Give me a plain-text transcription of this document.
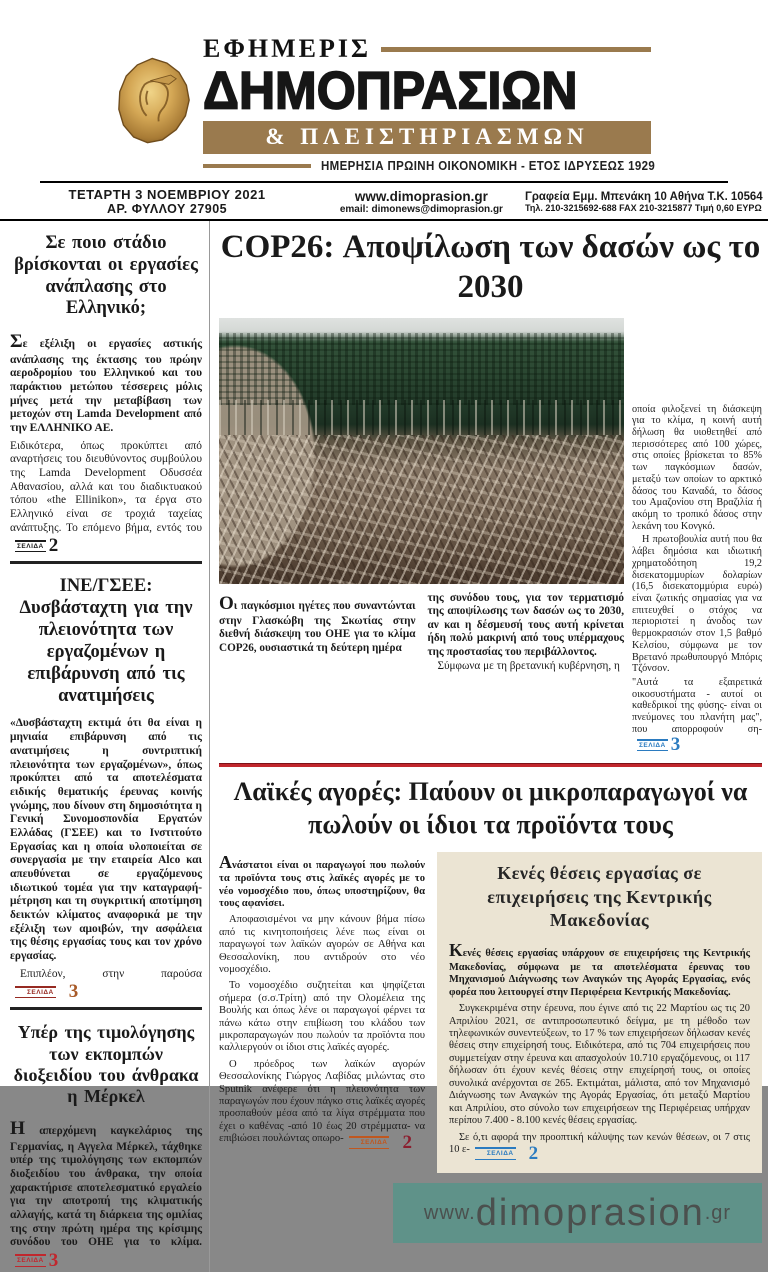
ΕΦΗΜΕΡΙΣ
ΔΗΜΟΠΡΑΣΙΩΝ
& ΠΛΕΙΣΤΗΡΙΑΣΜΩΝ
ΗΜΕΡΗΣΙΑ ΠΡΩΙΝΗ ΟΙΚΟΝΟΜΙΚΗ - ΕΤΟΣ ΙΔΡΥΣΕΩΣ 1929
ΤΕΤΑΡΤΗ 3 ΝΟΕΜΒΡΙΟΥ 2021
ΑΡ. ΦΥΛΛΟΥ 27905
www.dimoprasion.gr
email: dimonews@dimoprasion.gr
Γραφεία Εμμ. Μπενάκη 10 Αθήνα Τ.Κ. 10564
Τηλ. 210-3215692-688 FAX 210-3215877 Τιμή 0,60 ΕΥΡΩ
Σε ποιο στάδιο βρίσκονται οι εργασίες ανάπλασης στο Ελληνικό;

Σε εξέλιξη οι εργασίες αστικής ανάπλασης της έκτασης του πρώην αεροδρομίου του Ελληνικού και του παράκτιου μετώπου τέσσερεις μόλις μήνες μετά την μεταβίβαση των μετοχών στη Lamda Development από την ΕΛΛΗΝΙΚΟ ΑΕ.

Ειδικότερα, όπως προκύπτει από αναρτήσεις του διευθύνοντος συμβούλου της Lamda Development Οδυσσέα Αθανασίου, αλλά και του διαδικτυακού τόπου «the Ellinikon», τα έργα στο Ελληνικό είναι σε τροχιά ταχείας ανάπτυξης. Το επόμενο βήμα, εντός του
ΣΕΛΙΔΑ 2

ΙΝΕ/ΓΣΕΕ: Δυσβάσταχτη για την πλειονότητα των εργαζομένων η επιβάρυνση από τις ανατιμήσεις

«Δυσβάσταχτη εκτιμά ότι θα είναι η μηνιαία επιβάρυνση από τις ανατιμήσεις η συντριπτική πλειονότητα των εργαζομένων», όπως προκύπτει από τα αποτελέσματα ειδικής θεματικής έρευνας κοινής γνώμης, που δίνουν στη δημοσιότητα η Γενική Συνομοσπονδία Εργατών Ελλάδας (ΓΣΕΕ) και το Ινστιτούτο Εργασίας και η οποία υλοποιείται σε συνεργασία με την εταιρεία Alco και απευθύνεται σε εργαζόμενους ιδιωτικού τομέα για την καταγραφή-μέτρηση και τη συγκριτική αποτίμηση δεικτών κλίματος αναφορικά με την εξέλιξη των αμοιβών, την ασφάλεια της θέσης εργασίας τους και τον χρόνο εργασίας.

Επιπλέον, στην παρούσα
ΣΕΛΙΔΑ 3

Υπέρ της τιμολόγησης των εκπομπών διοξειδίου του άνθρακα η Μέρκελ

Η απερχόμενη καγκελάριος της Γερμανίας, η Αγγελα Μέρκελ, τάχθηκε υπέρ της τιμολόγησης των εκπομπών διοξειδίου του άνθρακα, την οποία χαρακτήρισε αποτελεσματικό εργαλείο για την αποτροπή της κλιματικής αλλαγής, κατά τη διάρκεια της ομιλίας της στην πρώτη ημέρα της κρίσιμης συνόδου του ΟΗΕ για το κλίμα.
ΣΕΛΙΔΑ 3

COP26: Αποψίλωση των δασών ως το 2030

Οι παγκόσμιοι ηγέτες που συναντώνται στην Γλασκώβη της Σκωτίας στην διεθνή διάσκεψη του ΟΗΕ για το κλίμα COP26, ουσιαστικά τη δεύτερη ημέρα

της συνόδου τους, για τον τερματισμό της αποψίλωσης των δασών ως το 2030, αν και η δέσμευσή τους αυτή κρίνεται ήδη πολύ μακρινή από τους υπέρμαχους της προστασίας του περιβάλλοντος.

Σύμφωνα με τη βρετανική κυβέρνηση, η

οποία φιλοξενεί τη διάσκεψη για το κλίμα, η κοινή αυτή δήλωση θα υιοθετηθεί από περισσότερες από 100 χώρες, στις οποίες βρίσκεται το 85% των παγκόσμιων δασών, μεταξύ των οποίων το αρκτικό δάσος του Καναδά, το δάσος του Αμαζονίου στη Βραζιλία ή ακόμη το τροπικό δάσος στην λεκάνη του Κονγκό.

Η πρωτοβουλία αυτή που θα λάβει δημόσια και ιδιωτική χρηματοδότηση 19,2 δισεκατομμυρίων δολαρίων (16,5 δισεκατομμύρια ευρώ) είναι ζωτικής σημασίας για να επιτευχθεί ο στόχος να περιοριστεί η άνοδος των θερμοκρασιών στον 1,5 βαθμό Κελσίου, σύμφωνα με τον Βρετανό πρωθυπουργό Μπόρις Τζόνσον.

"Αυτά τα εξαιρετικά οικοσυστήματα - αυτοί οι καθεδρικοί της φύσης- είναι οι πνεύμονες του πλανήτη μας", που απορροφούν ση-
ΣΕΛΙΔΑ 3

Λαϊκές αγορές: Παύουν οι μικροπαραγωγοί να πωλούν οι ίδιοι τα προϊόντα τους

Ανάστατοι είναι οι παραγωγοί που πωλούν τα προϊόντα τους στις λαϊκές αγορές με το νέο νομοσχέδιο που, όπως υποστηρίζουν, θα τους αφανίσει.

Αποφασισμένοι να μην κάνουν βήμα πίσω από τις κινητοποιήσεις λένε πως είναι οι παραγωγοί των λαϊκών αγορών σε Αθήνα και Θεσσαλονίκη, που αντιδρούν στο νέο νομοσχέδιο.

Το νομοσχέδιο συζητείται και ψηφίζεται σήμερα (σ.σ.Τρίτη) από την Ολομέλεια της Βουλής και όπως λένε οι παραγωγοί φέρνει τα πάνω κάτω στην επιβίωση του κλάδου των μικροπαραγωγών που πωλούν τα προϊόντα που καλλιεργούν οι ίδιοι στις λαϊκές αγορές.

Ο πρόεδρος των λαϊκών αγορών Θεσσαλονίκης Γιώργος Λαβίδας μιλώντας στο Sputnik ανέφερε ότι η πλειονότητα των παραγωγών που έχουν πάγκο στις λαϊκές αγορές προσπαθούν μέσα από τα λίγα στρέμματα που έχει ο καθένας -από 10 έως 20 στρέμματα- να επιβιώσει πουλώντας οπωρο-	ΣΕΛΙΔΑ 2

Κενές θέσεις εργασίας σε επιχειρήσεις της Κεντρικής Μακεδονίας

Κενές θέσεις εργασίας υπάρχουν σε επιχειρήσεις της Κεντρικής Μακεδονίας, σύμφωνα με τα αποτελέσματα έρευνας του Μηχανισμού Διάγνωσης των Αναγκών της Αγοράς Εργασίας, ενός φορέα που λειτουργεί στην Περιφέρεια Κεντρικής Μακεδονίας.

Συγκεκριμένα στην έρευνα, που έγινε από τις 22 Μαρτίου ως τις 20 Απριλίου 2021, σε αντιπροσωπευτικό δείγμα, με τη μέθοδο των τηλεφωνικών συνεντεύξεων, το 17 % των επιχειρήσεων δήλωσαν κενές θέσεις στην επιχείρησή τους. Ειδικότερα, από τις 704 επιχειρήσεις που συμμετείχαν στην έρευνα και απασχολούν 10.710 εργαζόμενους, οι 117 δήλωσαν ότι έχουν κενές θέσεις στην επιχείρησή τους, οι οποίες συνολικά ανέρχονται σε 265. Εκτιμάται, μάλιστα, από τον Μηχανισμό Διάγνωσης των Αναγκών της Αγοράς Εργασίας, ότι μεταξύ Μαρτίου και Απριλίου, στο σύνολο των επιχειρήσεων της Περιφέρειας υπήρχαν περίπου 7.400 - 8.100 κενές θέσεις εργασίας.

Σε ό,τι αφορά την προοπτική κάλυψης των κενών θέσεων, οι 7 στις 10 ε-	ΣΕΛΙΔΑ 2

www. dimoprasion .gr
